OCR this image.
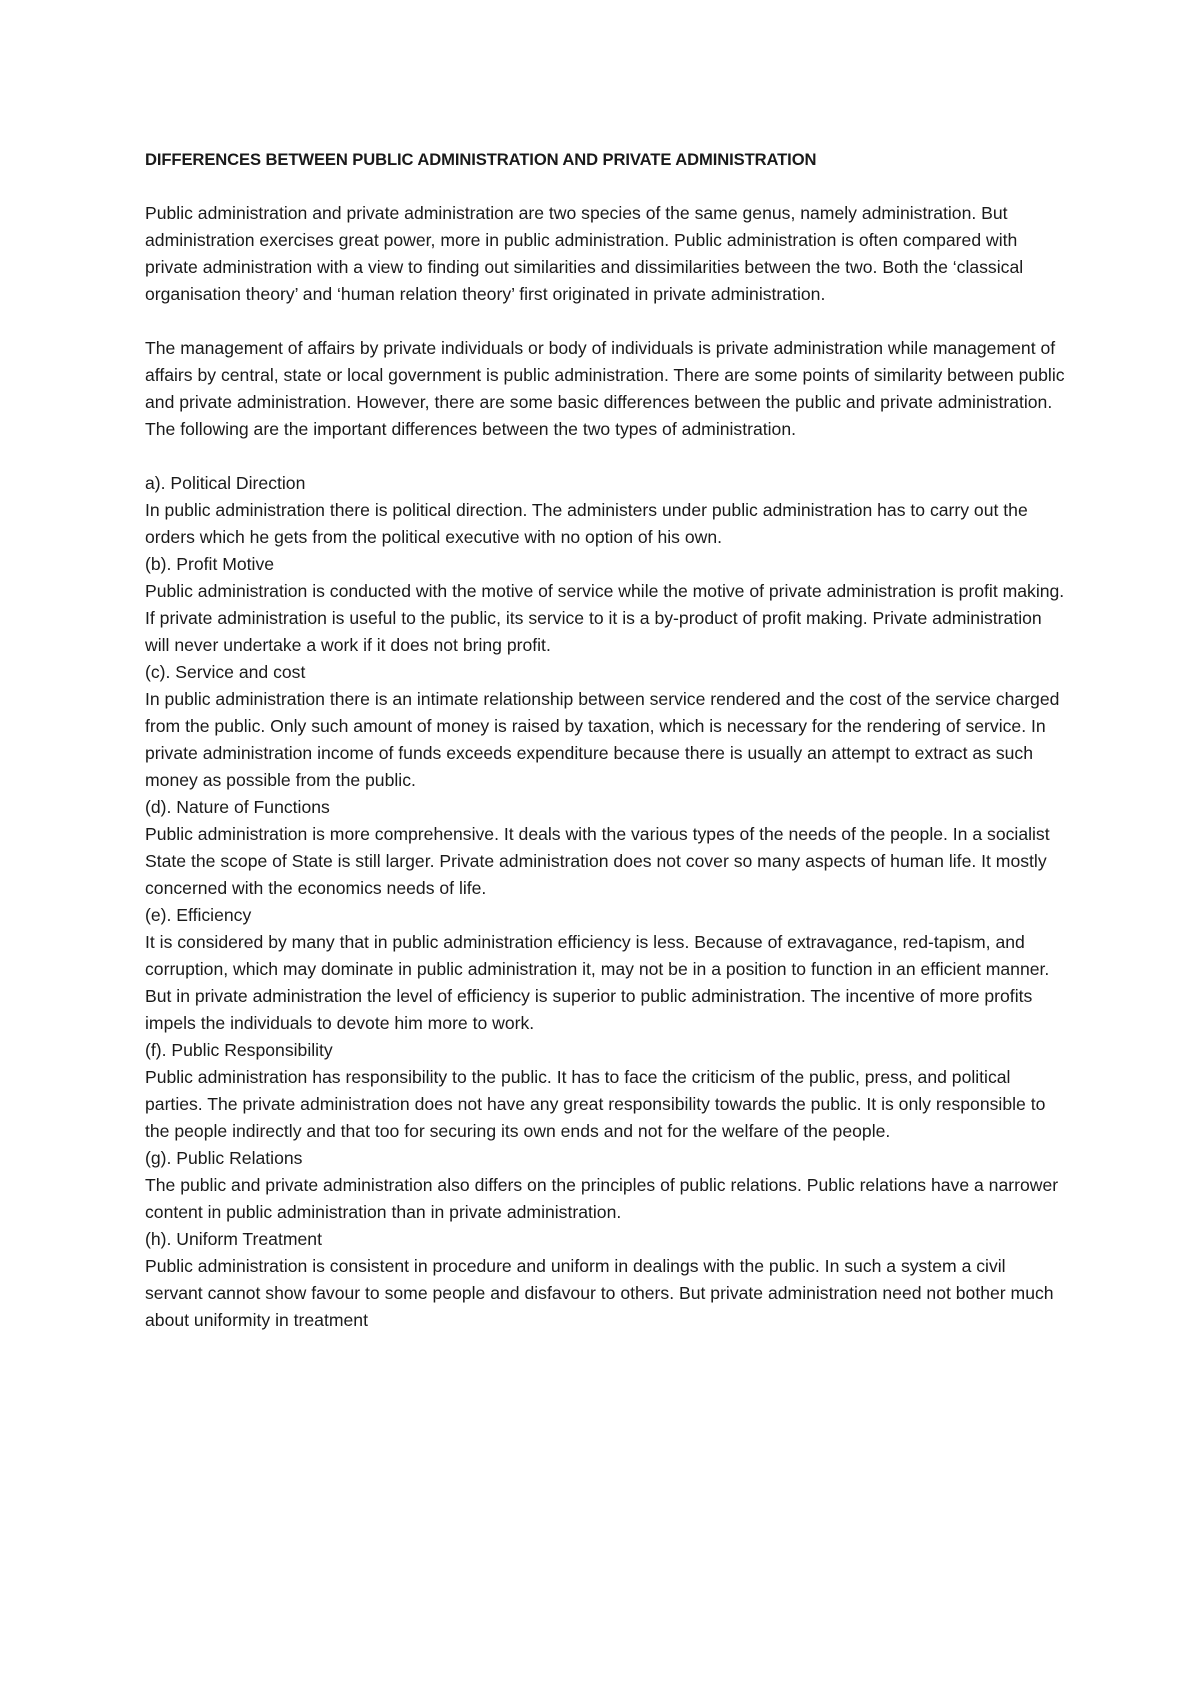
DIFFERENCES BETWEEN PUBLIC ADMINISTRATION AND PRIVATE ADMINISTRATION

Public administration and private administration are two species of the same genus, namely administration. But administration exercises great power, more in public administration. Public administration is often compared with private administration with a view to finding out similarities and dissimilarities between the two. Both the ‘classical organisation theory’ and ‘human relation theory’ first originated in private administration.

The management of affairs by private individuals or body of individuals is private administration while management of affairs by central, state or local government is public administration. There are some points of similarity between public and private administration. However, there are some basic differences between the public and private administration. The following are the important differences between the two types of administration.

a). Political Direction

In public administration there is political direction. The administers under public administration has to carry out the orders which he gets from the political executive with no option of his own.

(b). Profit Motive

Public administration is conducted with the motive of service while the motive of private administration is profit making. If private administration is useful to the public, its service to it is a by-product of profit making. Private administration will never undertake a work if it does not bring profit.

(c). Service and cost

In public administration there is an intimate relationship between service rendered and the cost of the service charged from the public. Only such amount of money is raised by taxation, which is necessary for the rendering of service. In private administration income of funds exceeds expenditure because there is usually an attempt to extract as such money as possible from the public.

(d). Nature of Functions

Public administration is more comprehensive. It deals with the various types of the needs of the people. In a socialist State the scope of State is still larger. Private administration does not cover so many aspects of human life. It mostly concerned with the economics needs of life.

(e). Efficiency

It is considered by many that in public administration efficiency is less. Because of extravagance, red-tapism, and corruption, which may dominate in public administration it, may not be in a position to function in an efficient manner. But in private administration the level of efficiency is superior to public administration. The incentive of more profits impels the individuals to devote him more to work.

(f). Public Responsibility

Public administration has responsibility to the public. It has to face the criticism of the public, press, and political parties. The private administration does not have any great responsibility towards the public. It is only responsible to the people indirectly and that too for securing its own ends and not for the welfare of the people.

(g). Public Relations

The public and private administration also differs on the principles of public relations. Public relations have a narrower content in public administration than in private administration.

(h). Uniform Treatment

Public administration is consistent in procedure and uniform in dealings with the public. In such a system a civil servant cannot show favour to some people and disfavour to others. But private administration need not bother much about uniformity in treatment
